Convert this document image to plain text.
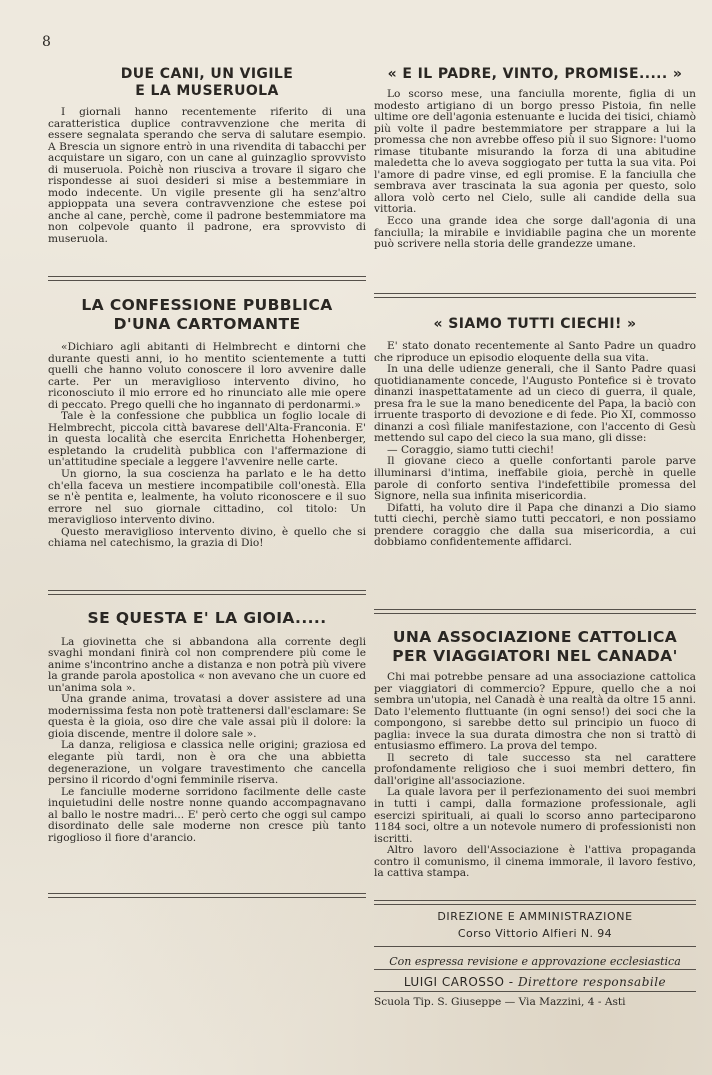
8
DUE CANI, UN VIGILE
E LA MUSERUOLA

I giornali hanno recentemente riferito di una caratteristica duplice contravvenzione che merita di essere segnalata sperando che serva di salutare esempio. A Brescia un signore entrò in una rivendita di tabacchi per acquistare un sigaro, con un cane al guinzaglio sprovvisto di museruola. Poichè non riusciva a trovare il sigaro che rispondesse ai suoi desideri si mise a bestemmiare in modo indecente. Un vigile presente gli ha senz'altro appioppata una severa contravvenzione che estese poi anche al cane, perchè, come il padrone bestemmiatore ma non colpevole quanto il padrone, era sprovvisto di museruola.

LA CONFESSIONE PUBBLICA
D'UNA CARTOMANTE

«Dichiaro agli abitanti di Helmbrecht e dintorni che durante questi anni, io ho mentito scientemente a tutti quelli che hanno voluto conoscere il loro avvenire dalle carte. Per un meraviglioso intervento divino, ho riconosciuto il mio errore ed ho rinunciato alle mie opere di peccato. Prego quelli che ho ingannato di perdonarmi.»

Tale è la confessione che pubblica un foglio locale di Helmbrecht, piccola città bavarese dell'Alta-Franconia. E' in questa località che esercita Enrichetta Hohenberger, espletando la crudelità pubblica con l'affermazione di un'attitudine speciale a leggere l'avvenire nelle carte.

Un giorno, la sua coscienza ha parlato e le ha detto ch'ella faceva un mestiere incompatibile coll'onestà. Ella se n'è pentita e, lealmente, ha voluto riconoscere e il suo errore nel suo giornale cittadino, col titolo: Un meraviglioso intervento divino.

Questo meraviglioso intervento divino, è quello che si chiama nel catechismo, la grazia di Dio!

SE QUESTA E' LA GIOIA.....

La giovinetta che si abbandona alla corrente degli svaghi mondani finirà col non comprendere più come le anime s'incontrino anche a distanza e non potrà più vivere la grande parola apostolica « non avevano che un cuore ed un'anima sola ».

Una grande anima, trovatasi a dover assistere ad una modernissima festa non potè trattenersi dall'esclamare: Se questa è la gioia, oso dire che vale assai più il dolore: la gioia discende, mentre il dolore sale ».

La danza, religiosa e classica nelle origini; graziosa ed elegante più tardi, non è ora che una abbietta degenerazione, un volgare travestimento che cancella persino il ricordo d'ogni femminile riserva.

Le fanciulle moderne sorridono facilmente delle caste inquietudini delle nostre nonne quando accompagnavano al ballo le nostre madri... E' però certo che oggi sul campo disordinato delle sale moderne non cresce più tanto rigoglioso il fiore d'arancio.

« E IL PADRE, VINTO, PROMISE..... »

Lo scorso mese, una fanciulla morente, figlia di un modesto artigiano di un borgo presso Pistoia, fin nelle ultime ore dell'agonia estenuante e lucida dei tisici, chiamò più volte il padre bestemmiatore per strappare a lui la promessa che non avrebbe offeso più il suo Signore: l'uomo rimase titubante misurando la forza di una abitudine maledetta che lo aveva soggiogato per tutta la sua vita. Poi l'amore di padre vinse, ed egli promise. E la fanciulla che sembrava aver trascinata la sua agonia per questo, solo allora volò certo nel Cielo, sulle ali candide della sua vittoria.

Ecco una grande idea che sorge dall'agonia di una fanciulla; la mirabile e invidiabile pagina che un morente può scrivere nella storia delle grandezze umane.

« SIAMO TUTTI CIECHI! »

E' stato donato recentemente al Santo Padre un quadro che riproduce un episodio eloquente della sua vita.

In una delle udienze generali, che il Santo Padre quasi quotidianamente concede, l'Augusto Pontefice si è trovato dinanzi inaspettatamente ad un cieco di guerra, il quale, presa fra le sue la mano benedicente del Papa, la baciò con irruente trasporto di devozione e di fede. Pio XI, commosso dinanzi a così filiale manifestazione, con l'accento di Gesù mettendo sul capo del cieco la sua mano, gli disse:

— Coraggio, siamo tutti ciechi!

Il giovane cieco a quelle confortanti parole parve illuminarsi d'intima, ineffabile gioia, perchè in quelle parole di conforto sentiva l'indefettibile promessa del Signore, nella sua infinita misericordia.

Difatti, ha voluto dire il Papa che dinanzi a Dio siamo tutti ciechi, perchè siamo tutti peccatori, e non possiamo prendere coraggio che dalla sua misericordia, a cui dobbiamo confidentemente affidarci.

UNA ASSOCIAZIONE CATTOLICA
PER VIAGGIATORI NEL CANADA'

Chi mai potrebbe pensare ad una associazione cattolica per viaggiatori di commercio? Eppure, quello che a noi sembra un'utopia, nel Canadà è una realtà da oltre 15 anni. Dato l'elemento fluttuante (in ogni senso!) dei soci che la compongono, si sarebbe detto sul principio un fuoco di paglia: invece la sua durata dimostra che non si trattò di entusiasmo effimero. La prova del tempo.

Il secreto di tale successo sta nel carattere profondamente religioso che i suoi membri dettero, fin dall'origine all'associazione.

La quale lavora per il perfezionamento dei suoi membri in tutti i campi, dalla formazione professionale, agli esercizi spirituali, ai quali lo scorso anno parteciparono 1184 soci, oltre a un notevole numero di professionisti non iscritti.

Altro lavoro dell'Associazione è l'attiva propaganda contro il comunismo, il cinema immorale, il lavoro festivo, la cattiva stampa.

DIREZIONE E AMMINISTRAZIONE
Corso Vittorio Alfieri N. 94
Con espressa revisione e approvazione ecclesiastica
LUIGI CAROSSO - Direttore responsabile
Scuola Tip. S. Giuseppe — Via Mazzini, 4 - Asti
